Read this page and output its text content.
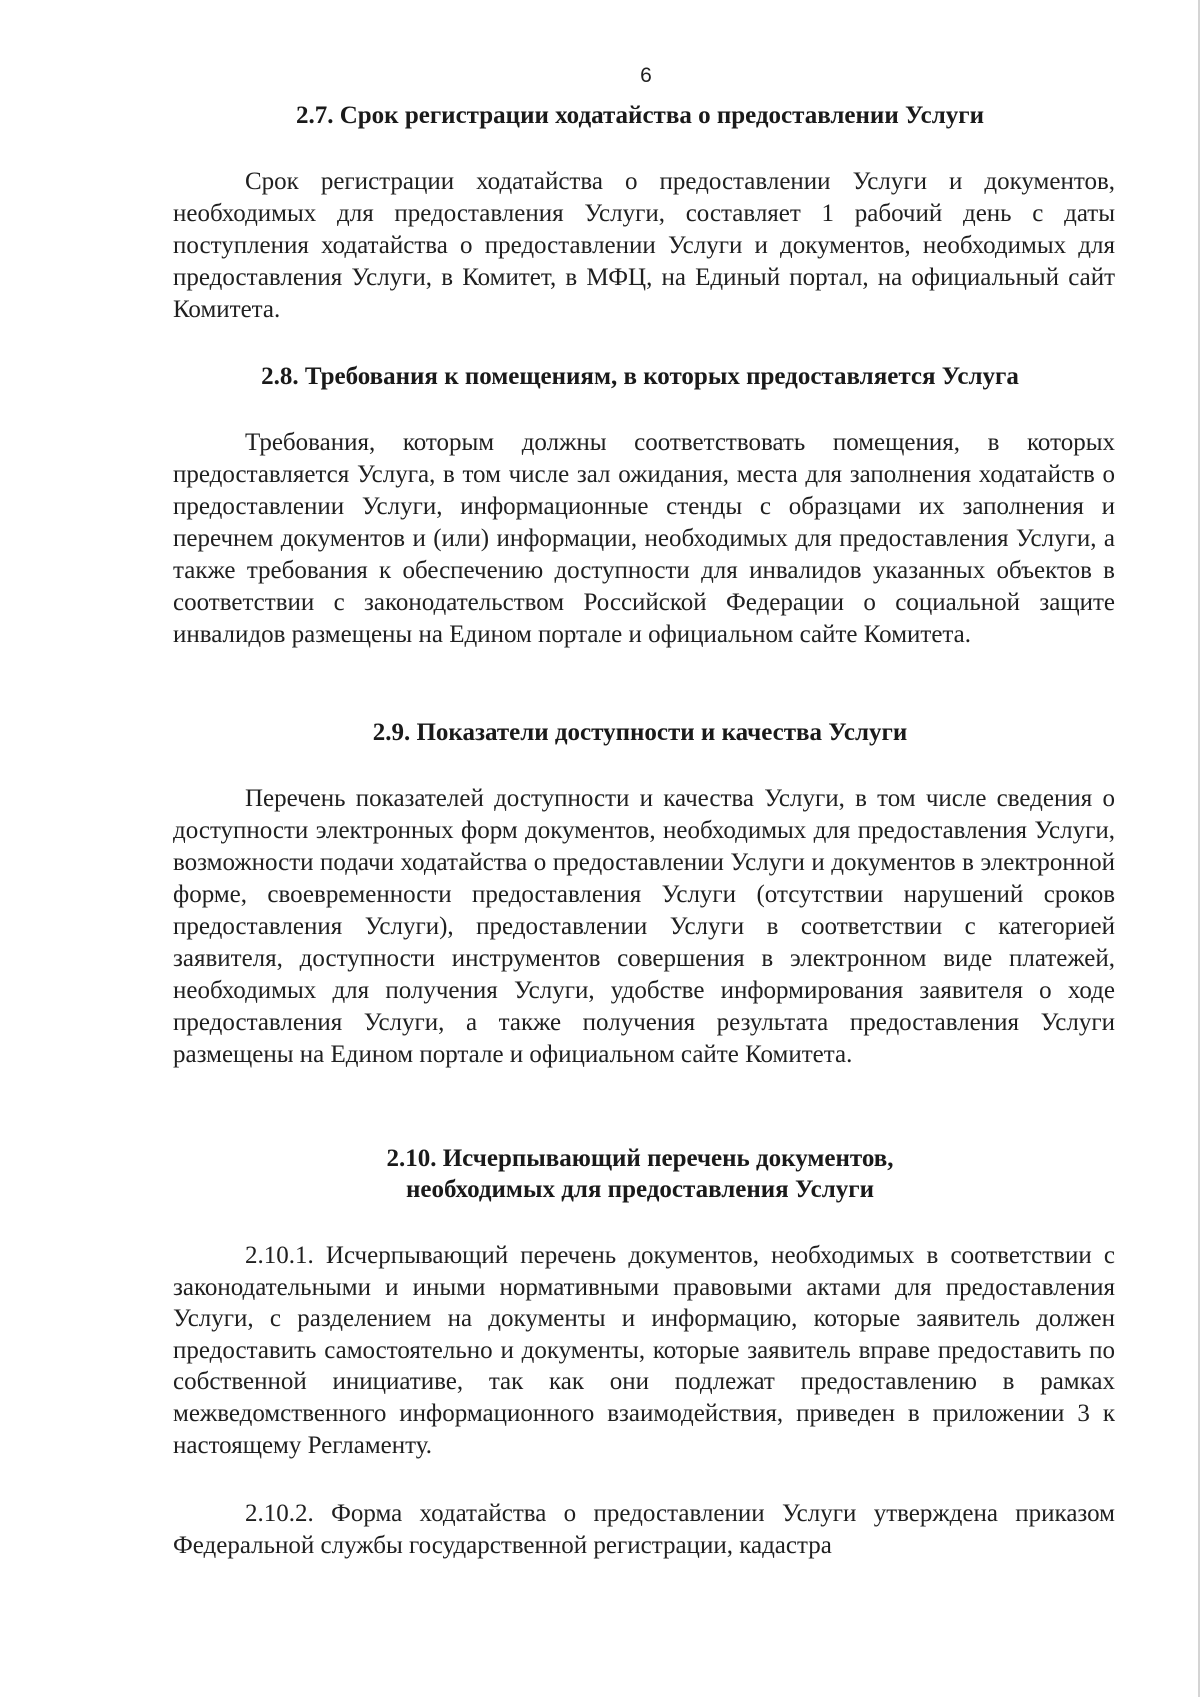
6
2.7. Срок регистрации ходатайства о предоставлении Услуги

Срок регистрации ходатайства о предоставлении Услуги и документов, необходимых для предоставления Услуги, составляет 1 рабочий день с даты поступления ходатайства о предоставлении Услуги и документов, необходимых для предоставления Услуги, в Комитет, в МФЦ, на Единый портал, на официальный сайт Комитета.

2.8. Требования к помещениям, в которых предоставляется Услуга

Требования, которым должны соответствовать помещения, в которых предоставляется Услуга, в том числе зал ожидания, места для заполнения ходатайств о предоставлении Услуги, информационные стенды с образцами их заполнения и перечнем документов и (или) информации, необходимых для предоставления Услуги, а также требования к обеспечению доступности для инвалидов указанных объектов в соответствии с законодательством Российской Федерации о социальной защите инвалидов размещены на Едином портале и официальном сайте Комитета.

2.9. Показатели доступности и качества Услуги

Перечень показателей доступности и качества Услуги, в том числе сведения о доступности электронных форм документов, необходимых для предоставления Услуги, возможности подачи ходатайства о предоставлении Услуги и документов в электронной форме, своевременности предоставления Услуги (отсутствии нарушений сроков предоставления Услуги), предоставлении Услуги в соответствии с категорией заявителя, доступности инструментов совершения в электронном виде платежей, необходимых для получения Услуги, удобстве информирования заявителя о ходе предоставления Услуги, а также получения результата предоставления Услуги размещены на Едином портале и официальном сайте Комитета.

2.10. Исчерпывающий перечень документов,
необходимых для предоставления Услуги

2.10.1. Исчерпывающий перечень документов, необходимых в соответствии с законодательными и иными нормативными правовыми актами для предоставления Услуги, с разделением на документы и информацию, которые заявитель должен предоставить самостоятельно и документы, которые заявитель вправе предоставить по собственной инициативе, так как они подлежат предоставлению в рамках межведомственного информационного взаимодействия, приведен в приложении 3 к настоящему Регламенту.

2.10.2. Форма ходатайства о предоставлении Услуги утверждена приказом Федеральной службы государственной регистрации, кадастра
